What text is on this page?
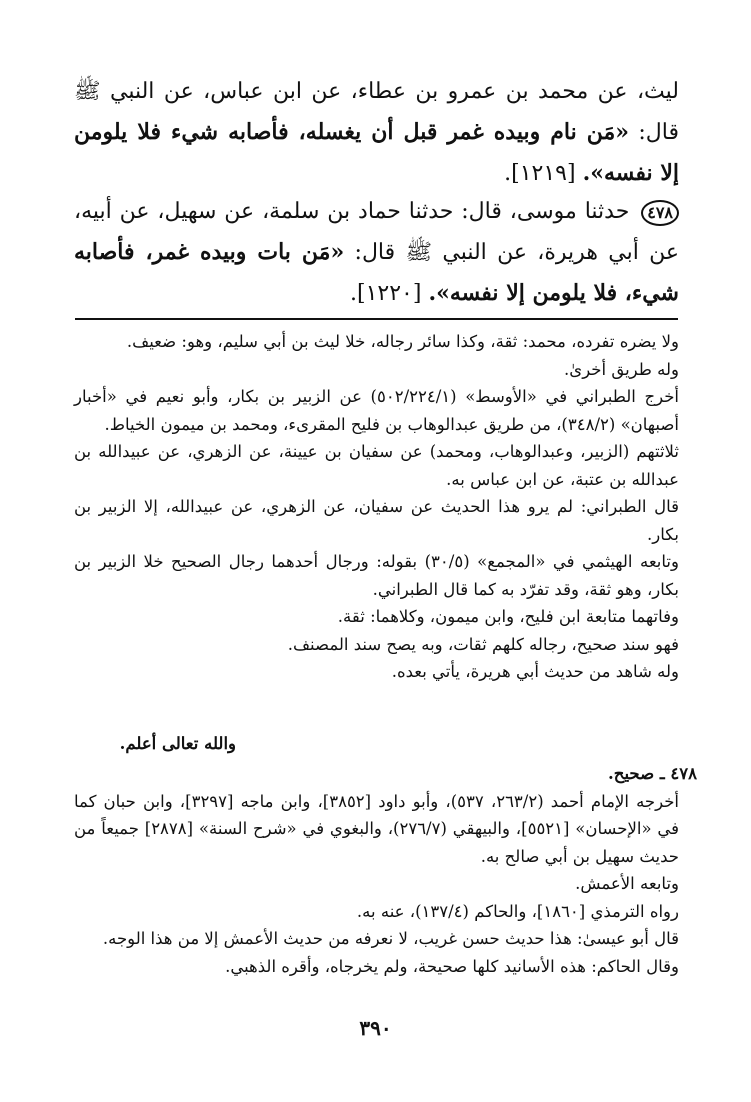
ليث، عن محمد بن عمرو بن عطاء، عن ابن عباس، عن النبي ﷺ قال: «مَن نام وبيده غمر قبل أن يغسله، فأصابه شيء فلا يلومن إلا نفسه». [١٢١٩].
٤٧٨ حدثنا موسى، قال: حدثنا حماد بن سلمة، عن سهيل، عن أبيه، عن أبي هريرة، عن النبي ﷺ قال: «مَن بات وبيده غمر، فأصابه شيء، فلا يلومن إلا نفسه». [١٢٢٠].

ولا يضره تفرده، محمد: ثقة، وكذا سائر رجاله، خلا ليث بن أبي سليم، وهو: ضعيف.

وله طريق أخرىٰ.

أخرج الطبراني في «الأوسط» (٥٠٢/٢٢٤/١) عن الزبير بن بكار، وأبو نعيم في «أخبار أصبهان» (٣٤٨/٢)، من طريق عبدالوهاب بن فليح المقرىء، ومحمد بن ميمون الخياط.

ثلاثتهم (الزبير، وعبدالوهاب، ومحمد) عن سفيان بن عيينة، عن الزهري، عن عبيدالله بن عبدالله بن عتبة، عن ابن عباس به.

قال الطبراني: لم يرو هذا الحديث عن سفيان، عن الزهري، عن عبيدالله، إلا الزبير بن بكار.

وتابعه الهيثمي في «المجمع» (٣٠/٥) بقوله: ورجال أحدهما رجال الصحيح خلا الزبير بن بكار، وهو ثقة، وقد تفرّد به كما قال الطبراني.

وفاتهما متابعة ابن فليح، وابن ميمون، وكلاهما: ثقة.

فهو سند صحيح، رجاله كلهم ثقات، وبه يصح سند المصنف.

وله شاهد من حديث أبي هريرة، يأتي بعده.

والله تعالى أعلم.

٤٧٨ ـ صحيح.

أخرجه الإمام أحمد (٢٦٣/٢، ٥٣٧)، وأبو داود [٣٨٥٢]، وابن ماجه [٣٢٩٧]، وابن حبان كما في «الإحسان» [٥٥٢١]، والبيهقي (٢٧٦/٧)، والبغوي في «شرح السنة» [٢٨٧٨] جميعاً من حديث سهيل بن أبي صالح به.

وتابعه الأعمش.

رواه الترمذي [١٨٦٠]، والحاكم (١٣٧/٤)، عنه به.

قال أبو عيسىٰ: هذا حديث حسن غريب، لا نعرفه من حديث الأعمش إلا من هذا الوجه.

وقال الحاكم: هذه الأسانيد كلها صحيحة، ولم يخرجاه، وأقره الذهبي.

٣٩٠
